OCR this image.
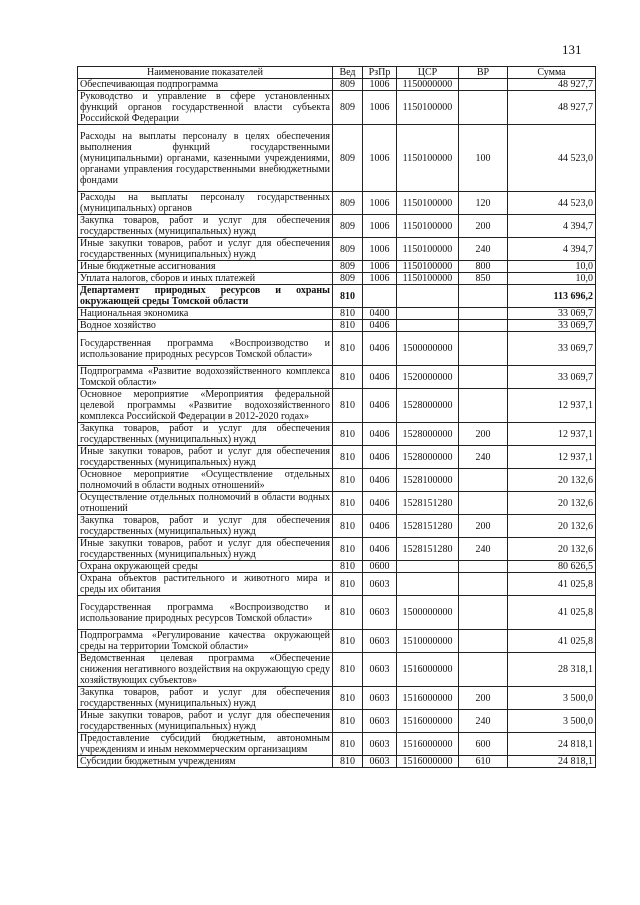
131
Наименование показателей	Вед	РзПр	ЦСР	ВР	Сумма
Обеспечивающая подпрограмма	809	1006	1150000000		48 927,7
Руководство и управление в сфере установленных функций органов государственной власти субъекта Российской Федерации	809	1006	1150100000		48 927,7
Расходы на выплаты персоналу в целях обеспечения выполнения функций государственными (муниципальными) органами, казенными учреждениями, органами управления государственными внебюджетными фондами	809	1006	1150100000	100	44 523,0
Расходы на выплаты персоналу государственных (муниципальных) органов	809	1006	1150100000	120	44 523,0
Закупка товаров, работ и услуг для обеспечения государственных (муниципальных) нужд	809	1006	1150100000	200	4 394,7
Иные закупки товаров, работ и услуг для обеспечения государственных (муниципальных) нужд	809	1006	1150100000	240	4 394,7
Иные бюджетные ассигнования	809	1006	1150100000	800	10,0
Уплата налогов, сборов и иных платежей	809	1006	1150100000	850	10,0
Департамент природных ресурсов и охраны окружающей среды Томской области	810				113 696,2
Национальная экономика	810	0400			33 069,7
Водное хозяйство	810	0406			33 069,7
Государственная программа «Воспроизводство и использование природных ресурсов Томской области»	810	0406	1500000000		33 069,7
Подпрограмма «Развитие водохозяйственного комплекса Томской области»	810	0406	1520000000		33 069,7
Основное мероприятие «Мероприятия федеральной целевой программы «Развитие водохозяйственного комплекса Российской Федерации в 2012-2020 годах»	810	0406	1528000000		12 937,1
Закупка товаров, работ и услуг для обеспечения государственных (муниципальных) нужд	810	0406	1528000000	200	12 937,1
Иные закупки товаров, работ и услуг для обеспечения государственных (муниципальных) нужд	810	0406	1528000000	240	12 937,1
Основное мероприятие «Осуществление отдельных полномочий в области водных отношений»	810	0406	1528100000		20 132,6
Осуществление отдельных полномочий в области водных отношений	810	0406	1528151280		20 132,6
Закупка товаров, работ и услуг для обеспечения государственных (муниципальных) нужд	810	0406	1528151280	200	20 132,6
Иные закупки товаров, работ и услуг для обеспечения государственных (муниципальных) нужд	810	0406	1528151280	240	20 132,6
Охрана окружающей среды	810	0600			80 626,5
Охрана объектов растительного и животного мира и среды их обитания	810	0603			41 025,8
Государственная программа «Воспроизводство и использование природных ресурсов Томской области»	810	0603	1500000000		41 025,8
Подпрограмма «Регулирование качества окружающей среды на территории Томской области»	810	0603	1510000000		41 025,8
Ведомственная целевая программа «Обеспечение снижения негативного воздействия на окружающую среду хозяйствующих субъектов»	810	0603	1516000000		28 318,1
Закупка товаров, работ и услуг для обеспечения государственных (муниципальных) нужд	810	0603	1516000000	200	3 500,0
Иные закупки товаров, работ и услуг для обеспечения государственных (муниципальных) нужд	810	0603	1516000000	240	3 500,0
Предоставление субсидий бюджетным, автономным учреждениям и иным некоммерческим организациям	810	0603	1516000000	600	24 818,1
Субсидии бюджетным учреждениям	810	0603	1516000000	610	24 818,1
